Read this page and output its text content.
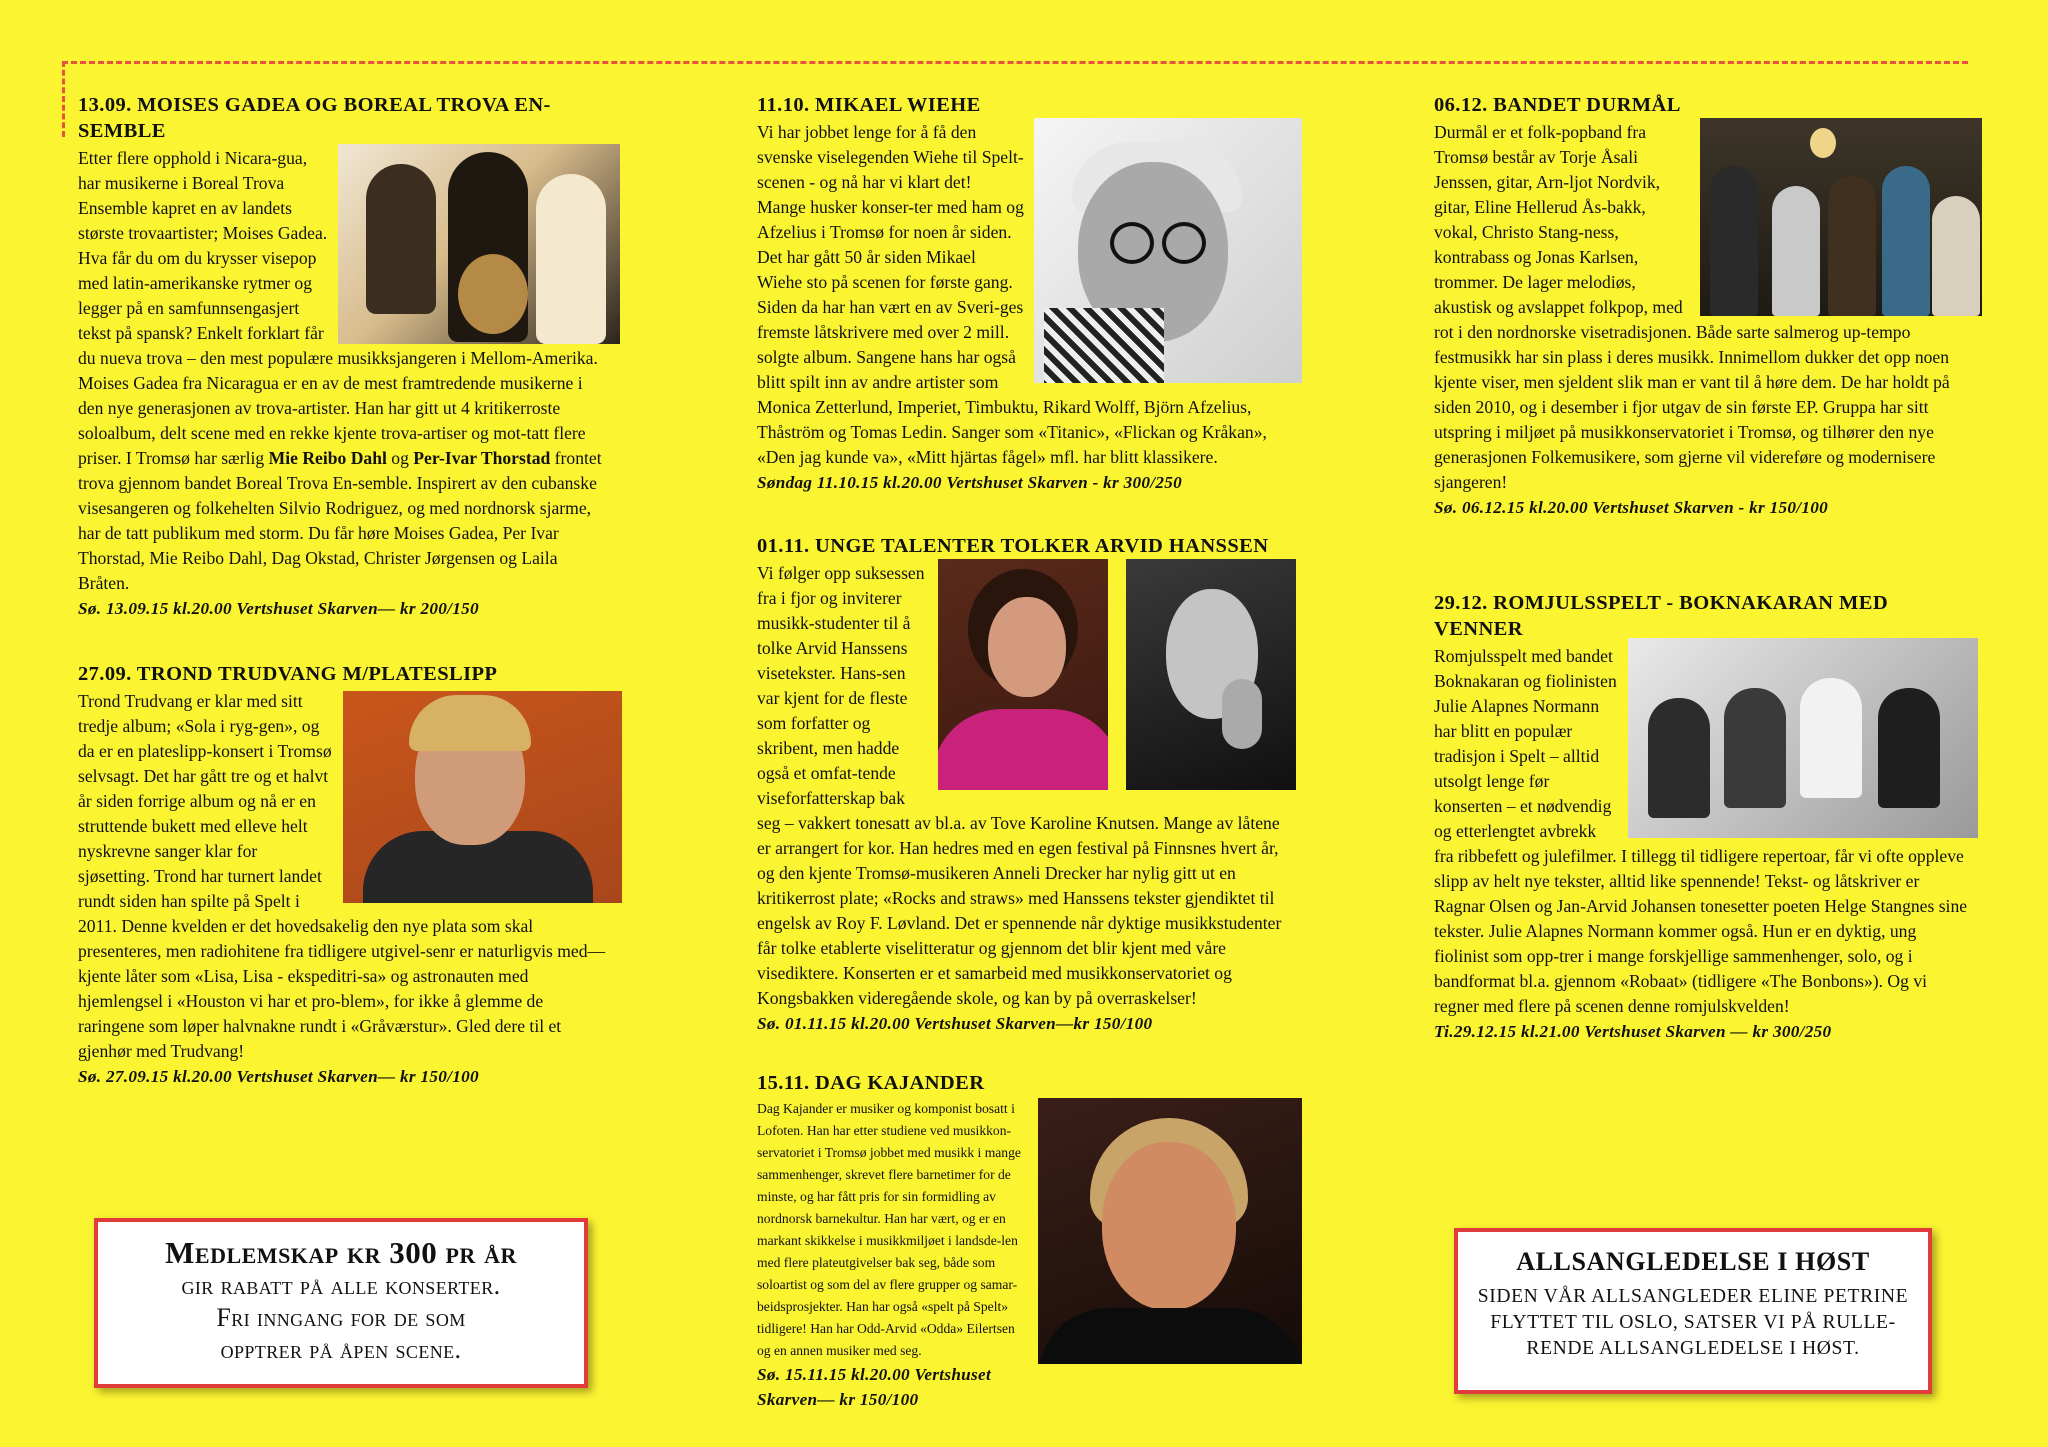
13.09. MOISES GADEA OG BOREAL TROVA EN-SEMBLE

Etter flere opphold i Nicara-gua, har musikerne i Boreal Trova Ensemble kapret en av landets største trovaartister; Moises Gadea. Hva får du om du krysser visepop med latin-amerikanske rytmer og legger på en samfunnsengasjert tekst på spansk? Enkelt forklart får du nueva trova – den mest populære musikksjangeren i Mellom-Amerika. Moises Gadea fra Nicaragua er en av de mest framtredende musikerne i den nye generasjonen av trova-artister. Han har gitt ut 4 kritikerroste soloalbum, delt scene med en rekke kjente trova-artiser og mot-tatt flere priser. I Tromsø har særlig Mie Reibo Dahl og Per-Ivar Thorstad frontet trova gjennom bandet Boreal Trova En-semble. Inspirert av den cubanske visesangeren og folkehelten Silvio Rodriguez, og med nordnorsk sjarme, har de tatt publikum med storm. Du får høre Moises Gadea, Per Ivar Thorstad, Mie Reibo Dahl, Dag Okstad, Christer Jørgensen og Laila Bråten.

Sø. 13.09.15 kl.20.00 Vertshuset Skarven— kr 200/150

27.09. TROND TRUDVANG M/PLATESLIPP

Trond Trudvang er klar med sitt tredje album; «Sola i ryg-gen», og da er en plateslipp-konsert i Tromsø selvsagt. Det har gått tre og et halvt år siden forrige album og nå er en struttende bukett med elleve helt nyskrevne sanger klar for sjøsetting. Trond har turnert landet rundt siden han spilte på Spelt i 2011. Denne kvelden er det hovedsakelig den nye plata som skal presenteres, men radiohitene fra tidligere utgivel-senr er naturligvis med—kjente låter som «Lisa, Lisa - ekspeditri-sa» og astronauten med hjemlengsel i «Houston vi har et pro-blem», for ikke å glemme de raringene som løper halvnakne rundt i «Gråværstur». Gled dere til et gjenhør med Trudvang!

Sø. 27.09.15 kl.20.00 Vertshuset Skarven— kr 150/100

11.10. MIKAEL WIEHE

Vi har jobbet lenge for å få den svenske viselegenden Wiehe til Spelt-scenen - og nå har vi klart det! Mange husker konser-ter med ham og Afzelius i Tromsø for noen år siden. Det har gått 50 år siden Mikael Wiehe sto på scenen for første gang. Siden da har han vært en av Sveri-ges fremste låtskrivere med over 2 mill. solgte album. Sangene hans har også blitt spilt inn av andre artister som Monica Zetterlund, Imperiet, Timbuktu, Rikard Wolff, Björn Afzelius, Thåström og Tomas Ledin. Sanger som «Titanic», «Flickan og Kråkan», «Den jag kunde va», «Mitt hjärtas fågel» mfl. har blitt klassikere.

Søndag 11.10.15 kl.20.00 Vertshuset Skarven - kr 300/250

01.11. UNGE TALENTER TOLKER ARVID HANSSEN

Vi følger opp suksessen fra i fjor og inviterer musikk-studenter til å tolke Arvid Hanssens visetekster. Hans-sen var kjent for de fleste som forfatter og skribent, men hadde også et omfat-tende viseforfatterskap bak seg – vakkert tonesatt av bl.a. av Tove Karoline Knutsen. Mange av låtene er arrangert for kor. Han hedres med en egen festival på Finnsnes hvert år, og den kjente Tromsø-musikeren Anneli Drecker har nylig gitt ut en kritikerrost plate; «Rocks and straws» med Hanssens tekster gjendiktet til engelsk av Roy F. Løvland. Det er spennende når dyktige musikkstudenter får tolke etablerte viselitteratur og gjennom det blir kjent med våre visediktere. Konserten er et samarbeid med musikkonservatoriet og Kongsbakken videregående skole, og kan by på overraskelser!

Sø. 01.11.15 kl.20.00 Vertshuset Skarven—kr 150/100

15.11. DAG KAJANDER

Dag Kajander er musiker og komponist bosatt i Lofoten. Han har etter studiene ved musikkon-servatoriet i Tromsø jobbet med musikk i mange sammenhenger, skrevet flere barnetimer for de minste, og har fått pris for sin formidling av nordnorsk barnekultur. Han har vært, og er en markant skikkelse i musikkmiljøet i landsde-len med flere plateutgivelser bak seg, både som soloartist og som del av flere grupper og samar-beidsprosjekter. Han har også «spelt på Spelt» tidligere! Han har Odd-Arvid «Odda» Eilertsen og en annen musiker med seg.

Sø. 15.11.15 kl.20.00 Vertshuset Skarven— kr 150/100

06.12. BANDET DURMÅL

Durmål er et folk-popband fra Tromsø består av Torje Åsali Jenssen, gitar, Arn-ljot Nordvik, gitar, Eline Hellerud Ås-bakk, vokal, Christo Stang-ness, kontrabass og Jonas Karlsen, trommer. De lager melodiøs, akustisk og avslappet folkpop, med rot i den nordnorske visetradisjonen. Både sarte salmerog up-tempo festmusikk har sin plass i deres musikk. Innimellom dukker det opp noen kjente viser, men sjeldent slik man er vant til å høre dem. De har holdt på siden 2010, og i desember i fjor utgav de sin første EP. Gruppa har sitt utspring i miljøet på musikkonservatoriet i Tromsø, og tilhører den nye generasjonen Folkemusikere, som gjerne vil videreføre og modernisere sjangeren!

Sø. 06.12.15 kl.20.00 Vertshuset Skarven - kr 150/100

29.12. ROMJULSSPELT - BOKNAKARAN MED VENNER

Romjulsspelt med bandet Boknakaran og fiolinisten Julie Alapnes Normann har blitt en populær tradisjon i Spelt – alltid utsolgt lenge før konserten – et nødvendig og etterlengtet avbrekk fra ribbefett og julefilmer. I tillegg til tidligere repertoar, får vi ofte oppleve slipp av helt nye tekster, alltid like spennende! Tekst- og låtskriver er Ragnar Olsen og Jan-Arvid Johansen tonesetter poeten Helge Stangnes sine tekster. Julie Alapnes Normann kommer også. Hun er en dyktig, ung fiolinist som opp-trer i mange forskjellige sammenhenger, solo, og i bandformat bl.a. gjennom «Robaat» (tidligere «The Bonbons»). Og vi regner med flere på scenen denne romjulskvelden!

Ti.29.12.15 kl.21.00 Vertshuset Skarven — kr 300/250

Medlemskap kr 300 pr år
gir rabatt på alle konserter.
Fri inngang for de som
opptrer på åpen scene.
ALLSANGLEDELSE I HØST
SIDEN VÅR ALLSANGLEDER ELINE PETRINE FLYTTET TIL OSLO, SATSER VI PÅ RULLE-RENDE ALLSANGLEDELSE I HØST.
